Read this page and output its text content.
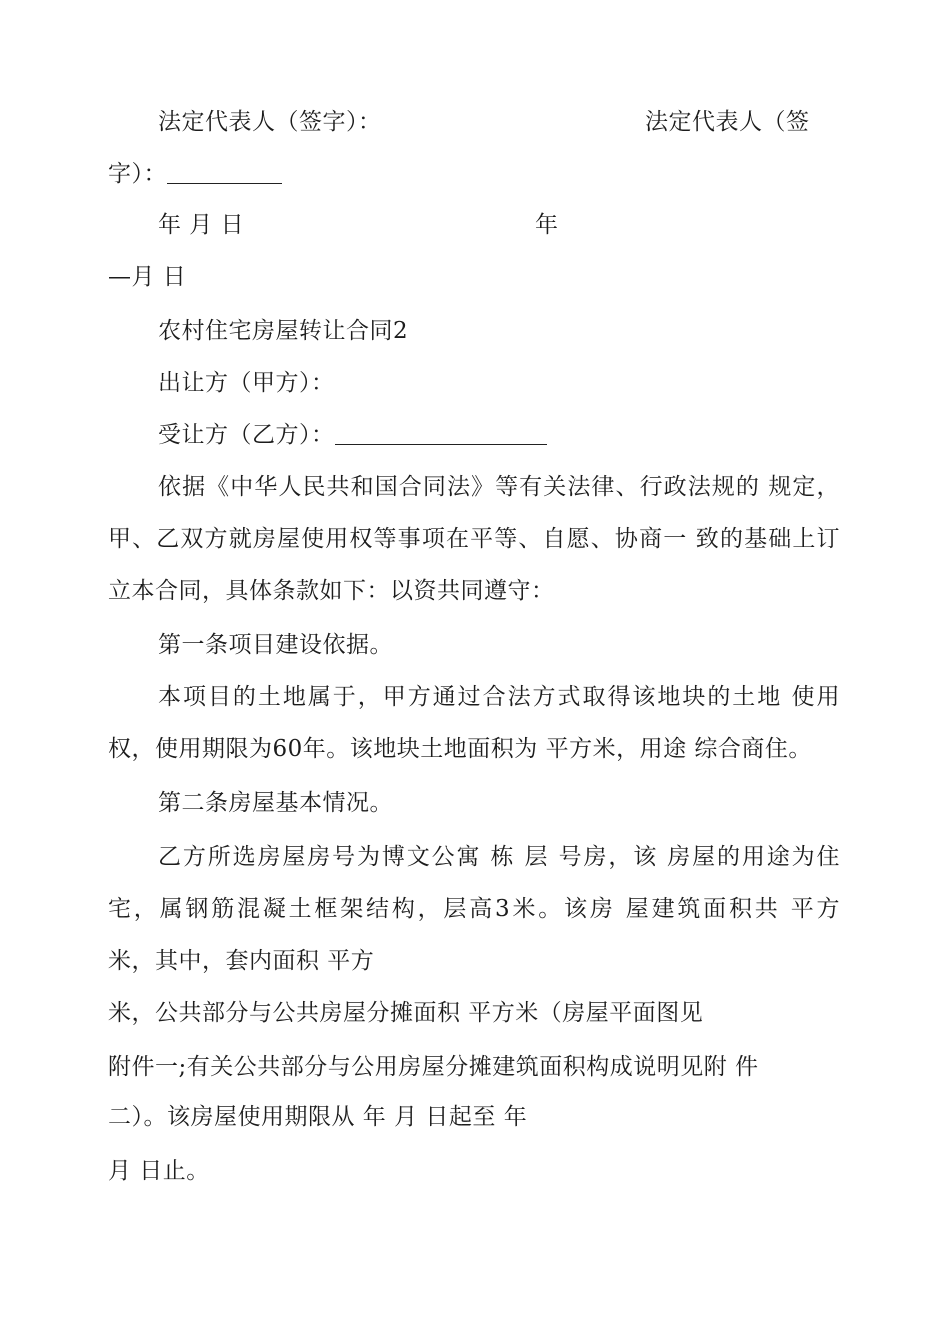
法定代表人（签字）：	法定代表人（签
字）：
年 月 日	年
—月 日
农村住宅房屋转让合同2
出让方（甲方）：
受让方（乙方）：
依据《中华人民共和国合同法》等有关法律、行政法规的 规定，
甲、乙双方就房屋使用权等事项在平等、自愿、协商一 致的基础上订
立本合同，具体条款如下：以资共同遵守：
第一条项目建设依据。
本项目的土地属于，甲方通过合法方式取得该地块的土地 使用
权，使用期限为60年。该地块土地面积为 平方米，用途 综合商住。
第二条房屋基本情况。
乙方所选房屋房号为博文公寓 栋 层 号房，该 房屋的用途为住
宅，属钢筋混凝土框架结构，层高3米。该房 屋建筑面积共 平方
米，其中，套内面积 平方
米，公共部分与公共房屋分摊面积 平方米（房屋平面图见
附件一;有关公共部分与公用房屋分摊建筑面积构成说明见附 件
二）。该房屋使用期限从 年 月 日起至 年
月 日止。
